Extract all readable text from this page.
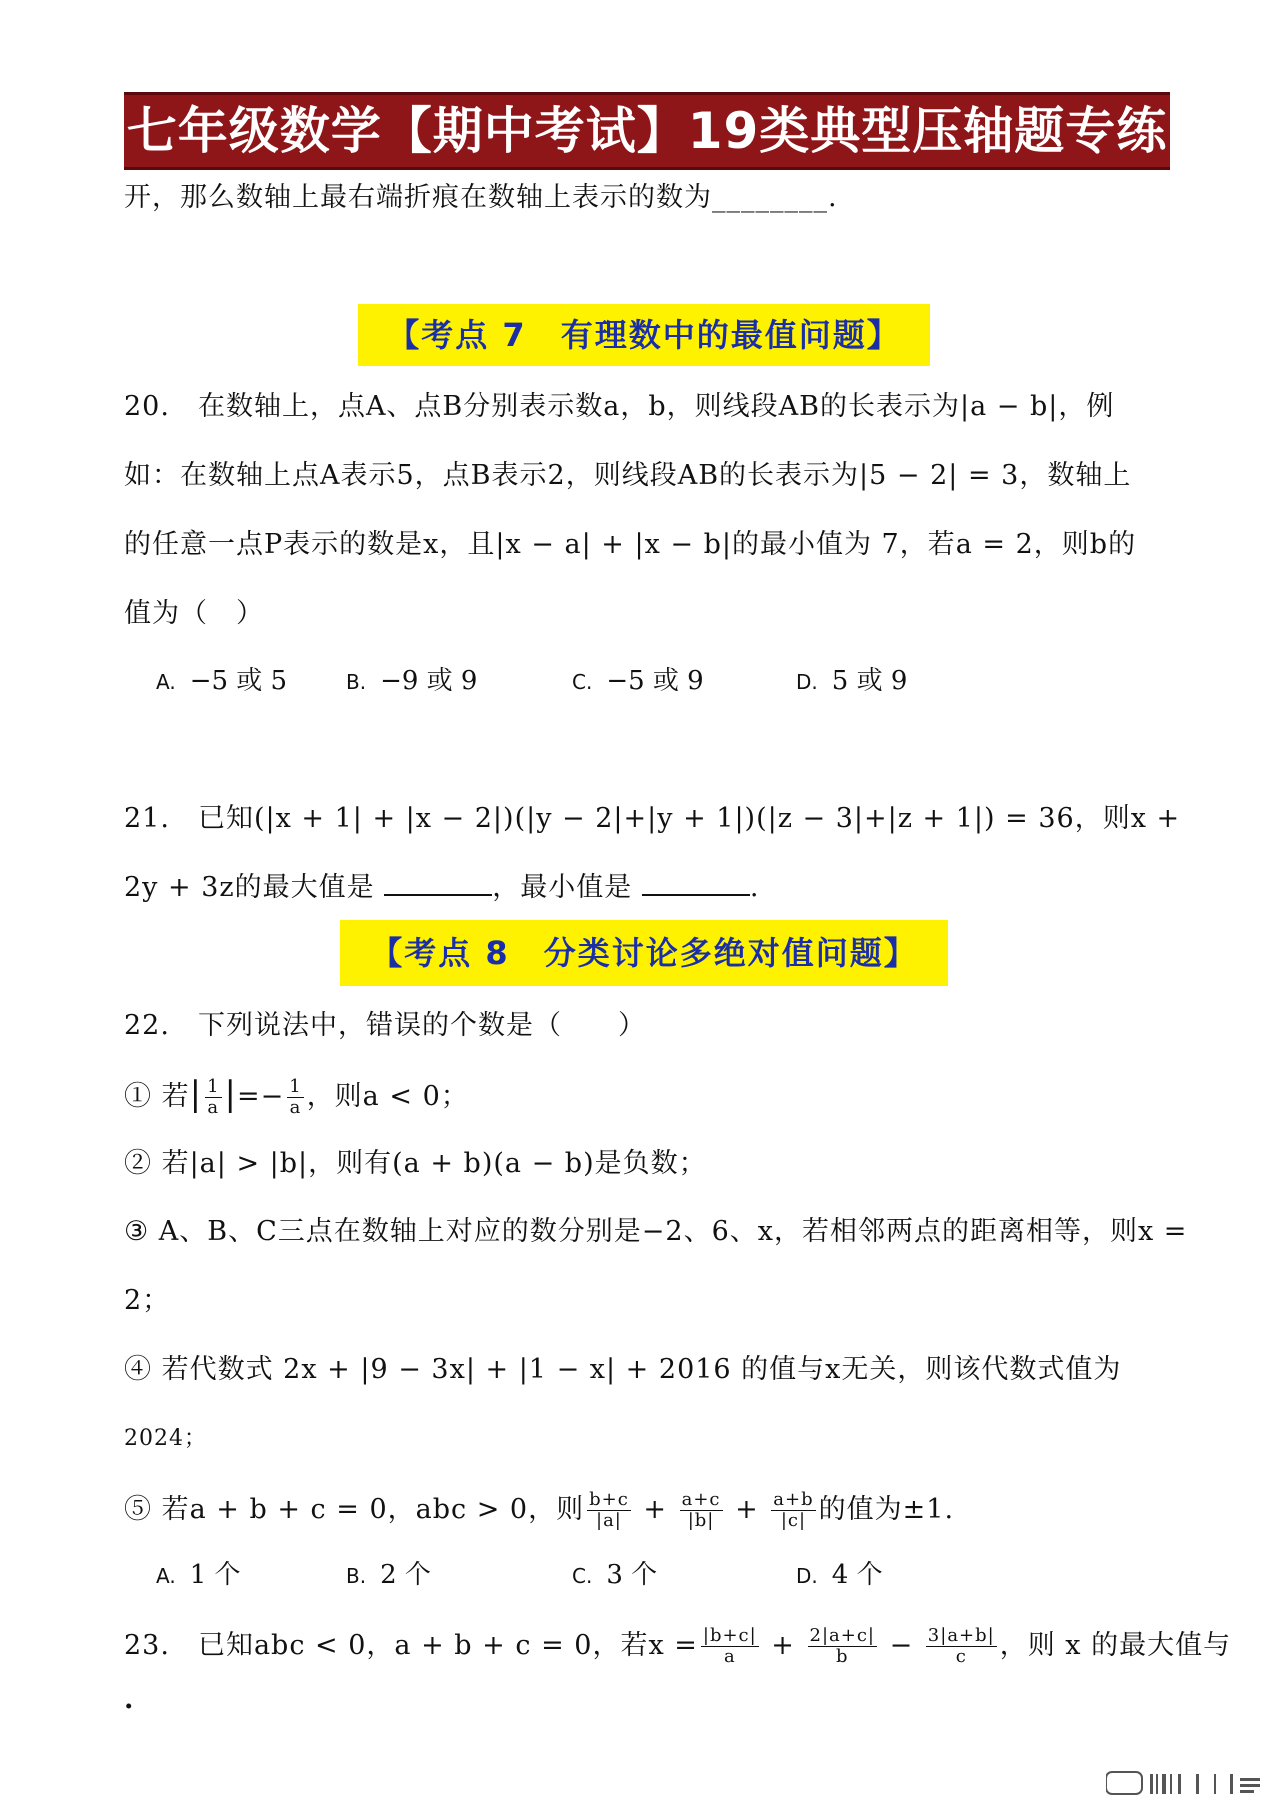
七年级数学【期中考试】19类典型压轴题专练
开，那么数轴上最右端折痕在数轴上表示的数为________.
【考点 7　有理数中的最值问题】
20.　在数轴上，点A、点B分别表示数a，b，则线段AB的长表示为|a − b|，例
如：在数轴上点A表示5，点B表示2，则线段AB的长表示为|5 − 2| = 3，数轴上
的任意一点P表示的数是x，且|x − a| + |x − b|的最小值为 7，若a = 2，则b的
值为（　）
A. −5 或 5	B. −9 或 9	C. −5 或 9	D. 5 或 9
21.　已知(|x + 1| + |x − 2|)(|y − 2|+|y + 1|)(|z − 3|+|z + 1|) = 36，则x +
2y + 3z的最大值是	，最小值是	.
【考点 8　分类讨论多绝对值问题】
22.　下列说法中，错误的个数是（　　）
① 若| $\frac{1}{a}$ |=− $\frac{1}{a}$ ，则a < 0；
② 若|a| > |b|，则有(a + b)(a − b)是负数；
③ A、B、C三点在数轴上对应的数分别是−2、6、x，若相邻两点的距离相等，则x =
2；
④ 若代数式 2x + |9 − 3x| + |1 − x| + 2016 的值与x无关，则该代数式值为
2024；
⑤ 若a + b + c = 0，abc > 0，则 $\frac{b+c}{|a|} + \frac{a+c}{|b|} + \frac{a+b}{|c|}$ 的值为±1.
A. 1 个	B. 2 个	C. 3 个	D. 4 个
23.　已知abc < 0，a + b + c = 0，若$x = \frac{|b+c|}{a} + \frac{2|a+c|}{b} - \frac{3|a+b|}{c}$ ，则 x 的最大值与
.
